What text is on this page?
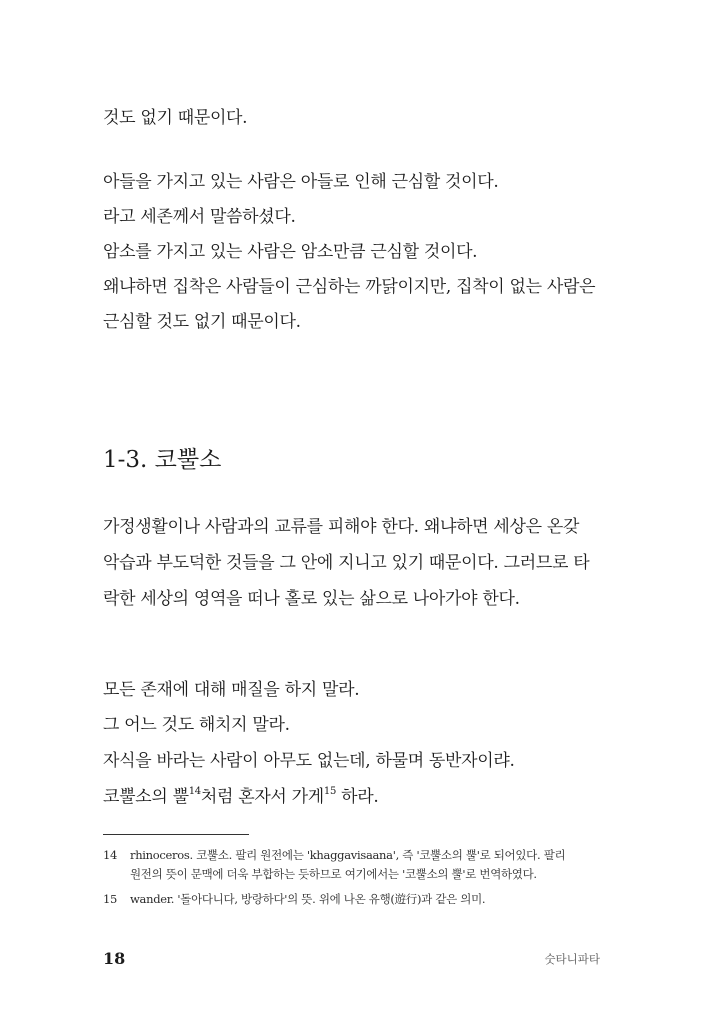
것도 없기 때문이다.

아들을 가지고 있는 사람은 아들로 인해 근심할 것이다.

라고 세존께서 말씀하셨다.

암소를 가지고 있는 사람은 암소만큼 근심할 것이다.

왜냐하면 집착은 사람들이 근심하는 까닭이지만, 집착이 없는 사람은

근심할 것도 없기 때문이다.

1-3. 코뿔소

가정생활이나 사람과의 교류를 피해야 한다. 왜냐하면 세상은 온갖

악습과 부도덕한 것들을 그 안에 지니고 있기 때문이다. 그러므로 타

락한 세상의 영역을 떠나 홀로 있는 삶으로 나아가야 한다.

모든 존재에 대해 매질을 하지 말라.

그 어느 것도 해치지 말라.

자식을 바라는 사람이 아무도 없는데, 하물며 동반자이랴.

코뿔소의 뿔$^{14}$처럼 혼자서 가게$^{15}$ 하라.

14 rhinoceros. 코뿔소. 팔리 원전에는 'khaggavisaana', 즉 '코뿔소의 뿔'로 되어있다. 팔리

원전의 뜻이 문맥에 더욱 부합하는 듯하므로 여기에서는 '코뿔소의 뿔'로 번역하였다.

15 wander. '돌아다니다, 방랑하다'의 뜻. 위에 나온 유행(遊行)과 같은 의미.

18	숫타니파타
